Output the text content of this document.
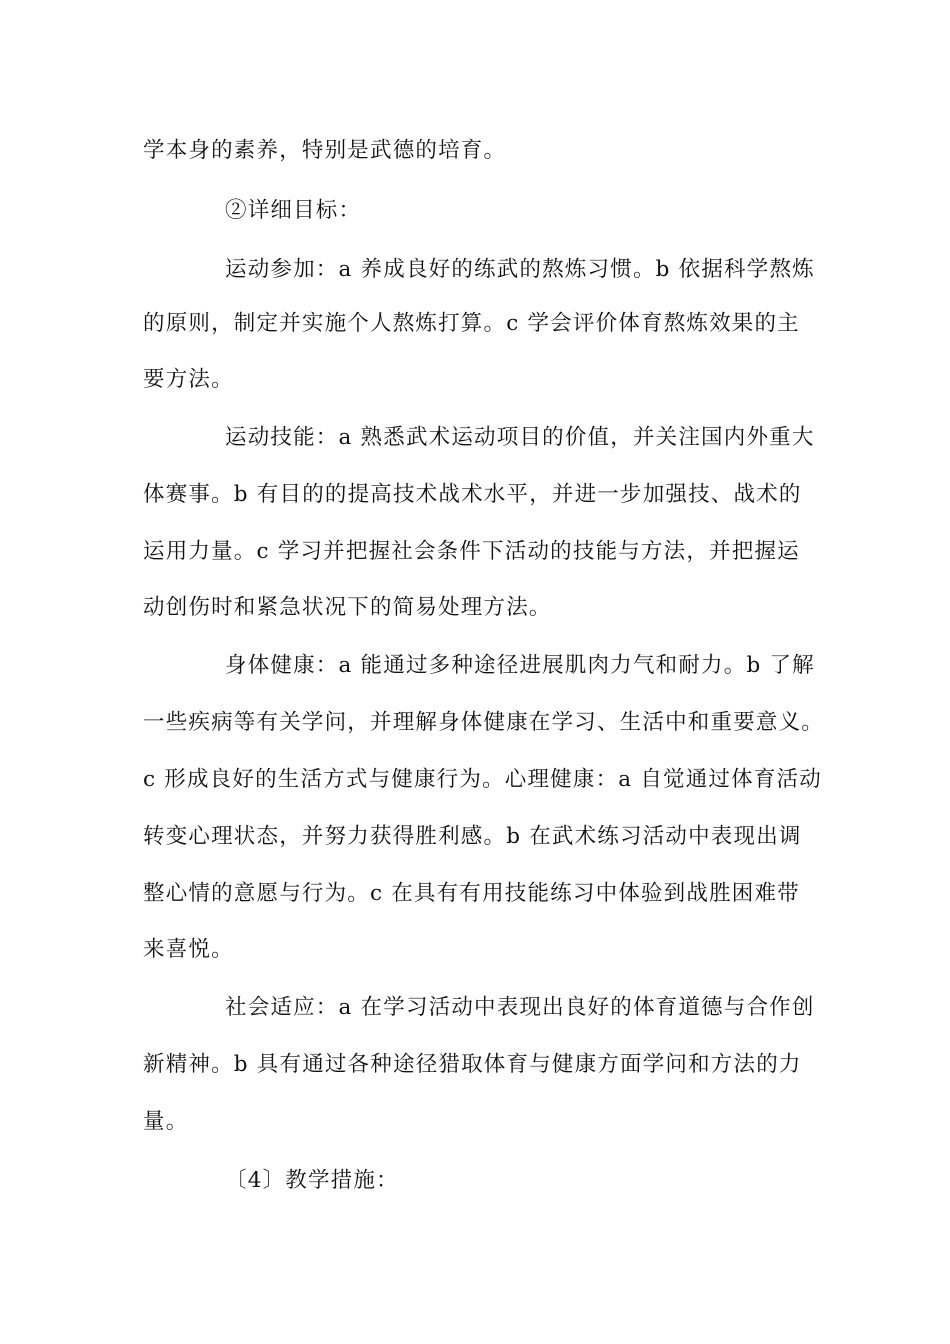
学本身的素养，特别是武德的培育。
②详细目标：
运动参加：a 养成良好的练武的熬炼习惯。b 依据科学熬炼
的原则，制定并实施个人熬炼打算。c 学会评价体育熬炼效果的主
要方法。
运动技能：a 熟悉武术运动项目的价值，并关注国内外重大
体赛事。b 有目的的提高技术战术水平，并进一步加强技、战术的
运用力量。c 学习并把握社会条件下活动的技能与方法，并把握运
动创伤时和紧急状况下的简易处理方法。
身体健康：a 能通过多种途径进展肌肉力气和耐力。b 了解
一些疾病等有关学问，并理解身体健康在学习、生活中和重要意义。
c 形成良好的生活方式与健康行为。心理健康：a 自觉通过体育活动
转变心理状态，并努力获得胜利感。b 在武术练习活动中表现出调
整心情的意愿与行为。c 在具有有用技能练习中体验到战胜困难带
来喜悦。
社会适应：a 在学习活动中表现出良好的体育道德与合作创
新精神。b 具有通过各种途径猎取体育与健康方面学问和方法的力
量。
〔4〕教学措施：
